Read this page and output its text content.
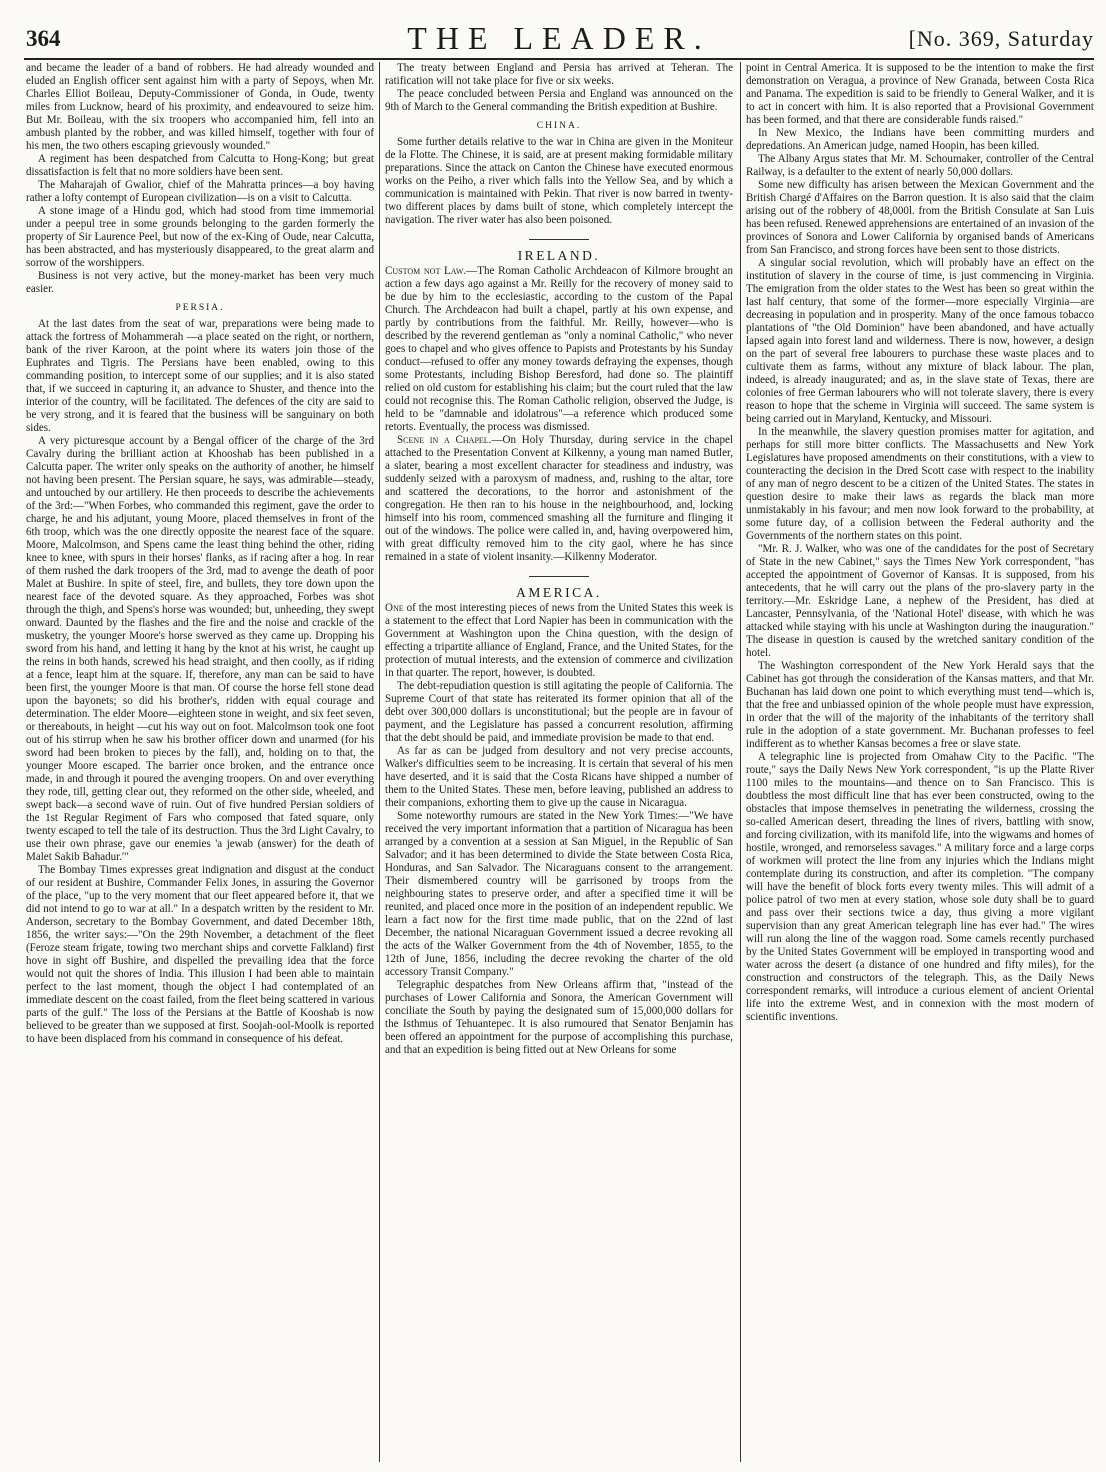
364	THE LEADER.	[No. 369, Saturday

and became the leader of a band of robbers. He had already wounded and eluded an English officer sent against him with a party of Sepoys, when Mr. Charles Elliot Boileau, Deputy-Commissioner of Gonda, in Oude, twenty miles from Lucknow, heard of his proximity, and endeavoured to seize him. But Mr. Boileau, with the six troopers who accompanied him, fell into an ambush planted by the robber, and was killed himself, together with four of his men, the two others escaping grievously wounded."

A regiment has been despatched from Calcutta to Hong-Kong; but great dissatisfaction is felt that no more soldiers have been sent.

The Maharajah of Gwalior, chief of the Mahratta princes—a boy having rather a lofty contempt of European civilization—is on a visit to Calcutta.

A stone image of a Hindu god, which had stood from time immemorial under a peepul tree in some grounds belonging to the garden formerly the property of Sir Laurence Peel, but now of the ex-King of Oude, near Calcutta, has been abstracted, and has mysteriously disappeared, to the great alarm and sorrow of the worshippers.

Business is not very active, but the money-market has been very much easier.

PERSIA.

At the last dates from the seat of war, preparations were being made to attack the fortress of Mohammerah —a place seated on the right, or northern, bank of the river Karoon, at the point where its waters join those of the Euphrates and Tigris. The Persians have been enabled, owing to this commanding position, to intercept some of our supplies; and it is also stated that, if we succeed in capturing it, an advance to Shuster, and thence into the interior of the country, will be facilitated. The defences of the city are said to be very strong, and it is feared that the business will be sanguinary on both sides.

A very picturesque account by a Bengal officer of the charge of the 3rd Cavalry during the brilliant action at Khooshab has been published in a Calcutta paper. The writer only speaks on the authority of another, he himself not having been present. The Persian square, he says, was admirable—steady, and untouched by our artillery. He then proceeds to describe the achievements of the 3rd:—"When Forbes, who commanded this regiment, gave the order to charge, he and his adjutant, young Moore, placed themselves in front of the 6th troop, which was the one directly opposite the nearest face of the square. Moore, Malcolmson, and Spens came the least thing behind the other, riding knee to knee, with spurs in their horses' flanks, as if racing after a hog. In rear of them rushed the dark troopers of the 3rd, mad to avenge the death of poor Malet at Bushire. In spite of steel, fire, and bullets, they tore down upon the nearest face of the devoted square. As they approached, Forbes was shot through the thigh, and Spens's horse was wounded; but, unheeding, they swept onward. Daunted by the flashes and the fire and the noise and crackle of the musketry, the younger Moore's horse swerved as they came up. Dropping his sword from his hand, and letting it hang by the knot at his wrist, he caught up the reins in both hands, screwed his head straight, and then coolly, as if riding at a fence, leapt him at the square. If, therefore, any man can be said to have been first, the younger Moore is that man. Of course the horse fell stone dead upon the bayonets; so did his brother's, ridden with equal courage and determination. The elder Moore—eighteen stone in weight, and six feet seven, or thereabouts, in height —cut his way out on foot. Malcolmson took one foot out of his stirrup when he saw his brother officer down and unarmed (for his sword had been broken to pieces by the fall), and, holding on to that, the younger Moore escaped. The barrier once broken, and the entrance once made, in and through it poured the avenging troopers. On and over everything they rode, till, getting clear out, they reformed on the other side, wheeled, and swept back—a second wave of ruin. Out of five hundred Persian soldiers of the 1st Regular Regiment of Fars who composed that fated square, only twenty escaped to tell the tale of its destruction. Thus the 3rd Light Cavalry, to use their own phrase, gave our enemies 'a jewab (answer) for the death of Malet Sakib Bahadur.'"

The Bombay Times expresses great indignation and disgust at the conduct of our resident at Bushire, Commander Felix Jones, in assuring the Governor of the place, "up to the very moment that our fleet appeared before it, that we did not intend to go to war at all." In a despatch written by the resident to Mr. Anderson, secretary to the Bombay Government, and dated December 18th, 1856, the writer says:—"On the 29th November, a detachment of the fleet (Feroze steam frigate, towing two merchant ships and corvette Falkland) first hove in sight off Bushire, and dispelled the prevailing idea that the force would not quit the shores of India. This illusion I had been able to maintain perfect to the last moment, though the object I had contemplated of an immediate descent on the coast failed, from the fleet being scattered in various parts of the gulf." The loss of the Persians at the Battle of Kooshab is now believed to be greater than we supposed at first. Soojah-ool-Moolk is reported to have been displaced from his command in consequence of his defeat.

The treaty between England and Persia has arrived at Teheran. The ratification will not take place for five or six weeks.

The peace concluded between Persia and England was announced on the 9th of March to the General commanding the British expedition at Bushire.

CHINA.

Some further details relative to the war in China are given in the Moniteur de la Flotte. The Chinese, it is said, are at present making formidable military preparations. Since the attack on Canton the Chinese have executed enormous works on the Peiho, a river which falls into the Yellow Sea, and by which a communication is maintained with Pekin. That river is now barred in twenty-two different places by dams built of stone, which completely intercept the navigation. The river water has also been poisoned.

IRELAND.

Custom not Law.—The Roman Catholic Archdeacon of Kilmore brought an action a few days ago against a Mr. Reilly for the recovery of money said to be due by him to the ecclesiastic, according to the custom of the Papal Church. The Archdeacon had built a chapel, partly at his own expense, and partly by contributions from the faithful. Mr. Reilly, however—who is described by the reverend gentleman as "only a nominal Catholic," who never goes to chapel and who gives offence to Papists and Protestants by his Sunday conduct—refused to offer any money towards defraying the expenses, though some Protestants, including Bishop Beresford, had done so. The plaintiff relied on old custom for establishing his claim; but the court ruled that the law could not recognise this. The Roman Catholic religion, observed the Judge, is held to be "damnable and idolatrous"—a reference which produced some retorts. Eventually, the process was dismissed.

Scene in a Chapel.—On Holy Thursday, during service in the chapel attached to the Presentation Convent at Kilkenny, a young man named Butler, a slater, bearing a most excellent character for steadiness and industry, was suddenly seized with a paroxysm of madness, and, rushing to the altar, tore and scattered the decorations, to the horror and astonishment of the congregation. He then ran to his house in the neighbourhood, and, locking himself into his room, commenced smashing all the furniture and flinging it out of the windows. The police were called in, and, having overpowered him, with great difficulty removed him to the city gaol, where he has since remained in a state of violent insanity.—Kilkenny Moderator.

AMERICA.

One of the most interesting pieces of news from the United States this week is a statement to the effect that Lord Napier has been in communication with the Government at Washington upon the China question, with the design of effecting a tripartite alliance of England, France, and the United States, for the protection of mutual interests, and the extension of commerce and civilization in that quarter. The report, however, is doubted.

The debt-repudiation question is still agitating the people of California. The Supreme Court of that state has reiterated its former opinion that all of the debt over 300,000 dollars is unconstitutional; but the people are in favour of payment, and the Legislature has passed a concurrent resolution, affirming that the debt should be paid, and immediate provision be made to that end.

As far as can be judged from desultory and not very precise accounts, Walker's difficulties seem to be increasing. It is certain that several of his men have deserted, and it is said that the Costa Ricans have shipped a number of them to the United States. These men, before leaving, published an address to their companions, exhorting them to give up the cause in Nicaragua.

Some noteworthy rumours are stated in the New York Times:—"We have received the very important information that a partition of Nicaragua has been arranged by a convention at a session at San Miguel, in the Republic of San Salvador; and it has been determined to divide the State between Costa Rica, Honduras, and San Salvador. The Nicaraguans consent to the arrangement. Their dismembered country will be garrisoned by troops from the neighbouring states to preserve order, and after a specified time it will be reunited, and placed once more in the position of an independent republic. We learn a fact now for the first time made public, that on the 22nd of last December, the national Nicaraguan Government issued a decree revoking all the acts of the Walker Government from the 4th of November, 1855, to the 12th of June, 1856, including the decree revoking the charter of the old accessory Transit Company."

Telegraphic despatches from New Orleans affirm that, "instead of the purchases of Lower California and Sonora, the American Government will conciliate the South by paying the designated sum of 15,000,000 dollars for the Isthmus of Tehuantepec. It is also rumoured that Senator Benjamin has been offered an appointment for the purpose of accomplishing this purchase, and that an expedition is being fitted out at New Orleans for some

point in Central America. It is supposed to be the intention to make the first demonstration on Veragua, a province of New Granada, between Costa Rica and Panama. The expedition is said to be friendly to General Walker, and it is to act in concert with him. It is also reported that a Provisional Government has been formed, and that there are considerable funds raised."

In New Mexico, the Indians have been committing murders and depredations. An American judge, named Hoopin, has been killed.

The Albany Argus states that Mr. M. Schoumaker, controller of the Central Railway, is a defaulter to the extent of nearly 50,000 dollars.

Some new difficulty has arisen between the Mexican Government and the British Chargé d'Affaires on the Barron question. It is also said that the claim arising out of the robbery of 48,000l. from the British Consulate at San Luis has been refused. Renewed apprehensions are entertained of an invasion of the provinces of Sonora and Lower California by organised bands of Americans from San Francisco, and strong forces have been sent to those districts.

A singular social revolution, which will probably have an effect on the institution of slavery in the course of time, is just commencing in Virginia. The emigration from the older states to the West has been so great within the last half century, that some of the former—more especially Virginia—are decreasing in population and in prosperity. Many of the once famous tobacco plantations of "the Old Dominion" have been abandoned, and have actually lapsed again into forest land and wilderness. There is now, however, a design on the part of several free labourers to purchase these waste places and to cultivate them as farms, without any mixture of black labour. The plan, indeed, is already inaugurated; and as, in the slave state of Texas, there are colonies of free German labourers who will not tolerate slavery, there is every reason to hope that the scheme in Virginia will succeed. The same system is being carried out in Maryland, Kentucky, and Missouri.

In the meanwhile, the slavery question promises matter for agitation, and perhaps for still more bitter conflicts. The Massachusetts and New York Legislatures have proposed amendments on their constitutions, with a view to counteracting the decision in the Dred Scott case with respect to the inability of any man of negro descent to be a citizen of the United States. The states in question desire to make their laws as regards the black man more unmistakably in his favour; and men now look forward to the probability, at some future day, of a collision between the Federal authority and the Governments of the northern states on this point.

"Mr. R. J. Walker, who was one of the candidates for the post of Secretary of State in the new Cabinet," says the Times New York correspondent, "has accepted the appointment of Governor of Kansas. It is supposed, from his antecedents, that he will carry out the plans of the pro-slavery party in the territory.—Mr. Eskridge Lane, a nephew of the President, has died at Lancaster, Pennsylvania, of the 'National Hotel' disease, with which he was attacked while staying with his uncle at Washington during the inauguration." The disease in question is caused by the wretched sanitary condition of the hotel.

The Washington correspondent of the New York Herald says that the Cabinet has got through the consideration of the Kansas matters, and that Mr. Buchanan has laid down one point to which everything must tend—which is, that the free and unbiassed opinion of the whole people must have expression, in order that the will of the majority of the inhabitants of the territory shall rule in the adoption of a state government. Mr. Buchanan professes to feel indifferent as to whether Kansas becomes a free or slave state.

A telegraphic line is projected from Omahaw City to the Pacific. "The route," says the Daily News New York correspondent, "is up the Platte River 1100 miles to the mountains—and thence on to San Francisco. This is doubtless the most difficult line that has ever been constructed, owing to the obstacles that impose themselves in penetrating the wilderness, crossing the so-called American desert, threading the lines of rivers, battling with snow, and forcing civilization, with its manifold life, into the wigwams and homes of hostile, wronged, and remorseless savages." A military force and a large corps of workmen will protect the line from any injuries which the Indians might contemplate during its construction, and after its completion. "The company will have the benefit of block forts every twenty miles. This will admit of a police patrol of two men at every station, whose sole duty shall be to guard and pass over their sections twice a day, thus giving a more vigilant supervision than any great American telegraph line has ever had." The wires will run along the line of the waggon road. Some camels recently purchased by the United States Government will be employed in transporting wood and water across the desert (a distance of one hundred and fifty miles), for the construction and constructors of the telegraph. This, as the Daily News correspondent remarks, will introduce a curious element of ancient Oriental life into the extreme West, and in connexion with the most modern of scientific inventions.
